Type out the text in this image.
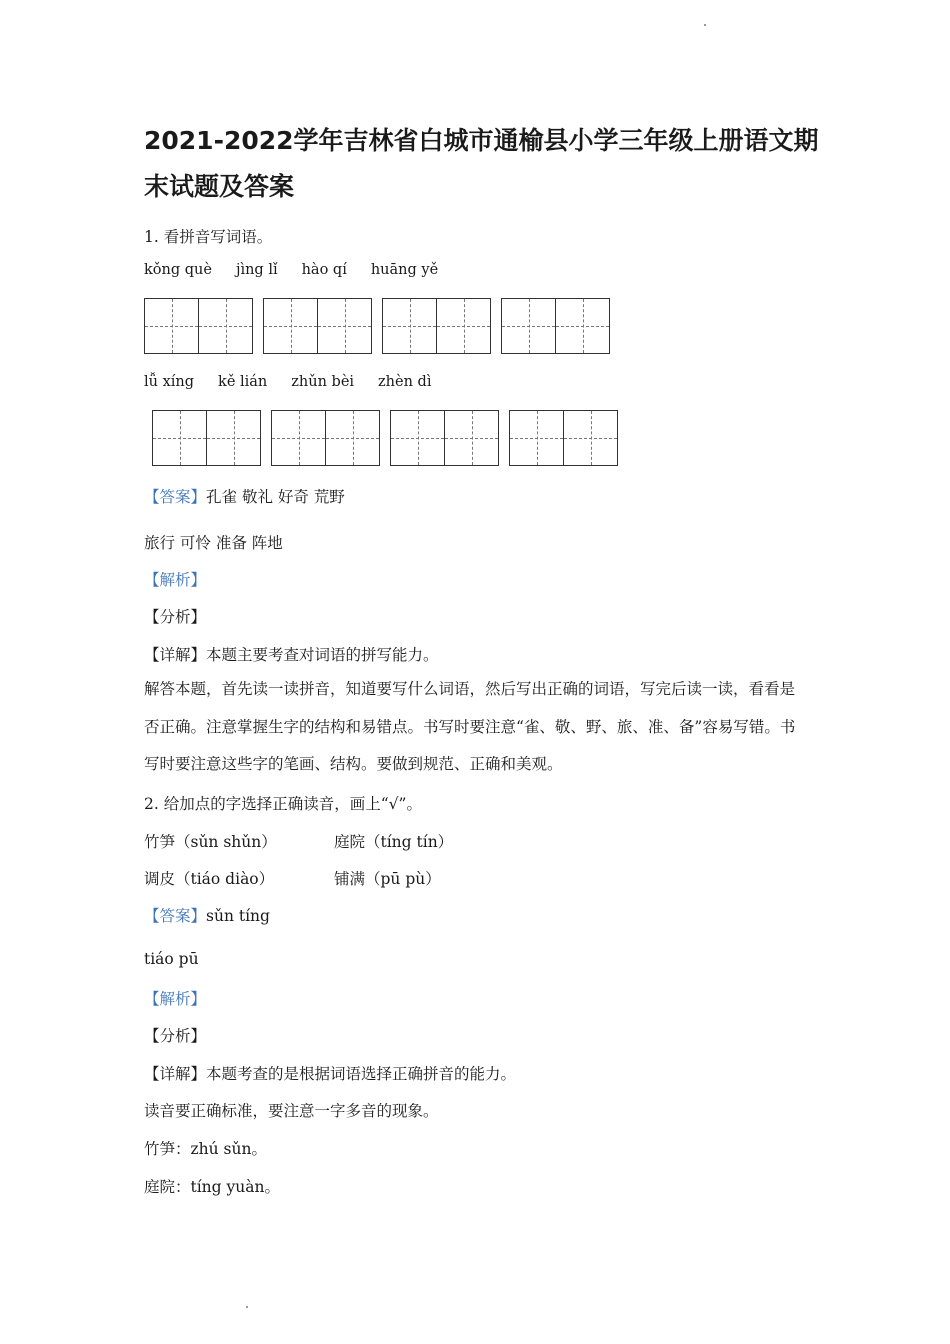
2021-2022学年吉林省白城市通榆县小学三年级上册语文期末试题及答案
1. 看拼音写词语。
kǒng què jìng lǐ hào qí huāng yě
lǚ xíng kě lián zhǔn bèi zhèn dì
【答案】孔雀 敬礼 好奇 荒野
旅行 可怜 准备 阵地
【解析】
【分析】
【详解】本题主要考查对词语的拼写能力。
解答本题，首先读一读拼音，知道要写什么词语，然后写出正确的词语，写完后读一读，看看是否正确。注意掌握生字的结构和易错点。书写时要注意“雀、敬、野、旅、准、备”容易写错。书写时要注意这些字的笔画、结构。要做到规范、正确和美观。
2. 给加点的字选择正确读音，画上“√”。
竹笋（sǔn shǔn）	庭院（tíng tín）
调皮（tiáo diào）	铺满（pū pù）
【答案】sǔn tíng
tiáo pū
【解析】
【分析】
【详解】本题考查的是根据词语选择正确拼音的能力。
读音要正确标准，要注意一字多音的现象。
竹笋：zhú sǔn。
庭院：tíng yuàn。
